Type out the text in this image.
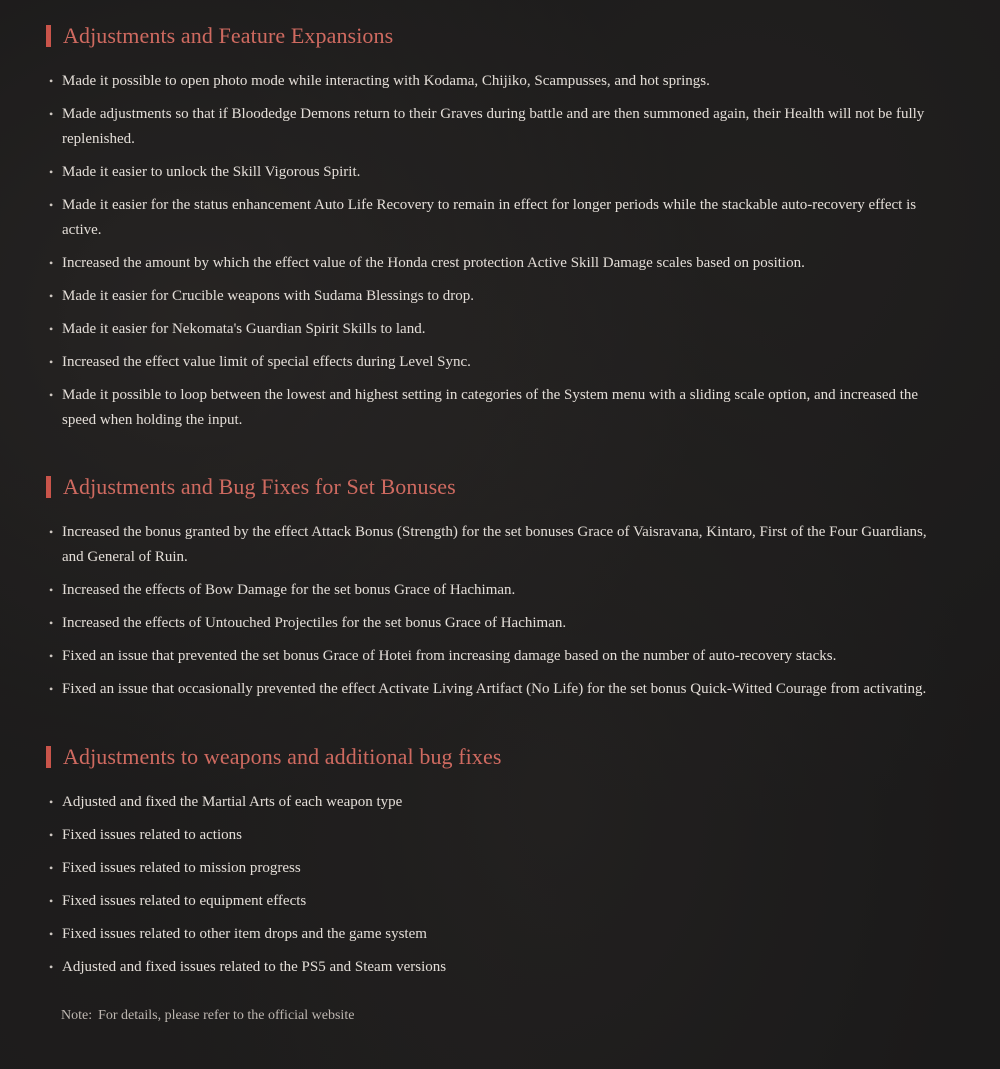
Adjustments and Feature Expansions
• Made it possible to open photo mode while interacting with Kodama, Chijiko, Scampusses, and hot springs.
• Made adjustments so that if Bloodedge Demons return to their Graves during battle and are then summoned again, their Health will not be fully replenished.
• Made it easier to unlock the Skill Vigorous Spirit.
• Made it easier for the status enhancement Auto Life Recovery to remain in effect for longer periods while the stackable auto-recovery effect is active.
• Increased the amount by which the effect value of the Honda crest protection Active Skill Damage scales based on position.
• Made it easier for Crucible weapons with Sudama Blessings to drop.
• Made it easier for Nekomata's Guardian Spirit Skills to land.
• Increased the effect value limit of special effects during Level Sync.
• Made it possible to loop between the lowest and highest setting in categories of the System menu with a sliding scale option, and increased the speed when holding the input.
Adjustments and Bug Fixes for Set Bonuses
• Increased the bonus granted by the effect Attack Bonus (Strength) for the set bonuses Grace of Vaisravana, Kintaro, First of the Four Guardians, and General of Ruin.
• Increased the effects of Bow Damage for the set bonus Grace of Hachiman.
• Increased the effects of Untouched Projectiles for the set bonus Grace of Hachiman.
• Fixed an issue that prevented the set bonus Grace of Hotei from increasing damage based on the number of auto-recovery stacks.
• Fixed an issue that occasionally prevented the effect Activate Living Artifact (No Life) for the set bonus Quick-Witted Courage from activating.
Adjustments to weapons and additional bug fixes
• Adjusted and fixed the Martial Arts of each weapon type
• Fixed issues related to actions
• Fixed issues related to mission progress
• Fixed issues related to equipment effects
• Fixed issues related to other item drops and the game system
• Adjusted and fixed issues related to the PS5 and Steam versions
Note: For details, please refer to the official website
